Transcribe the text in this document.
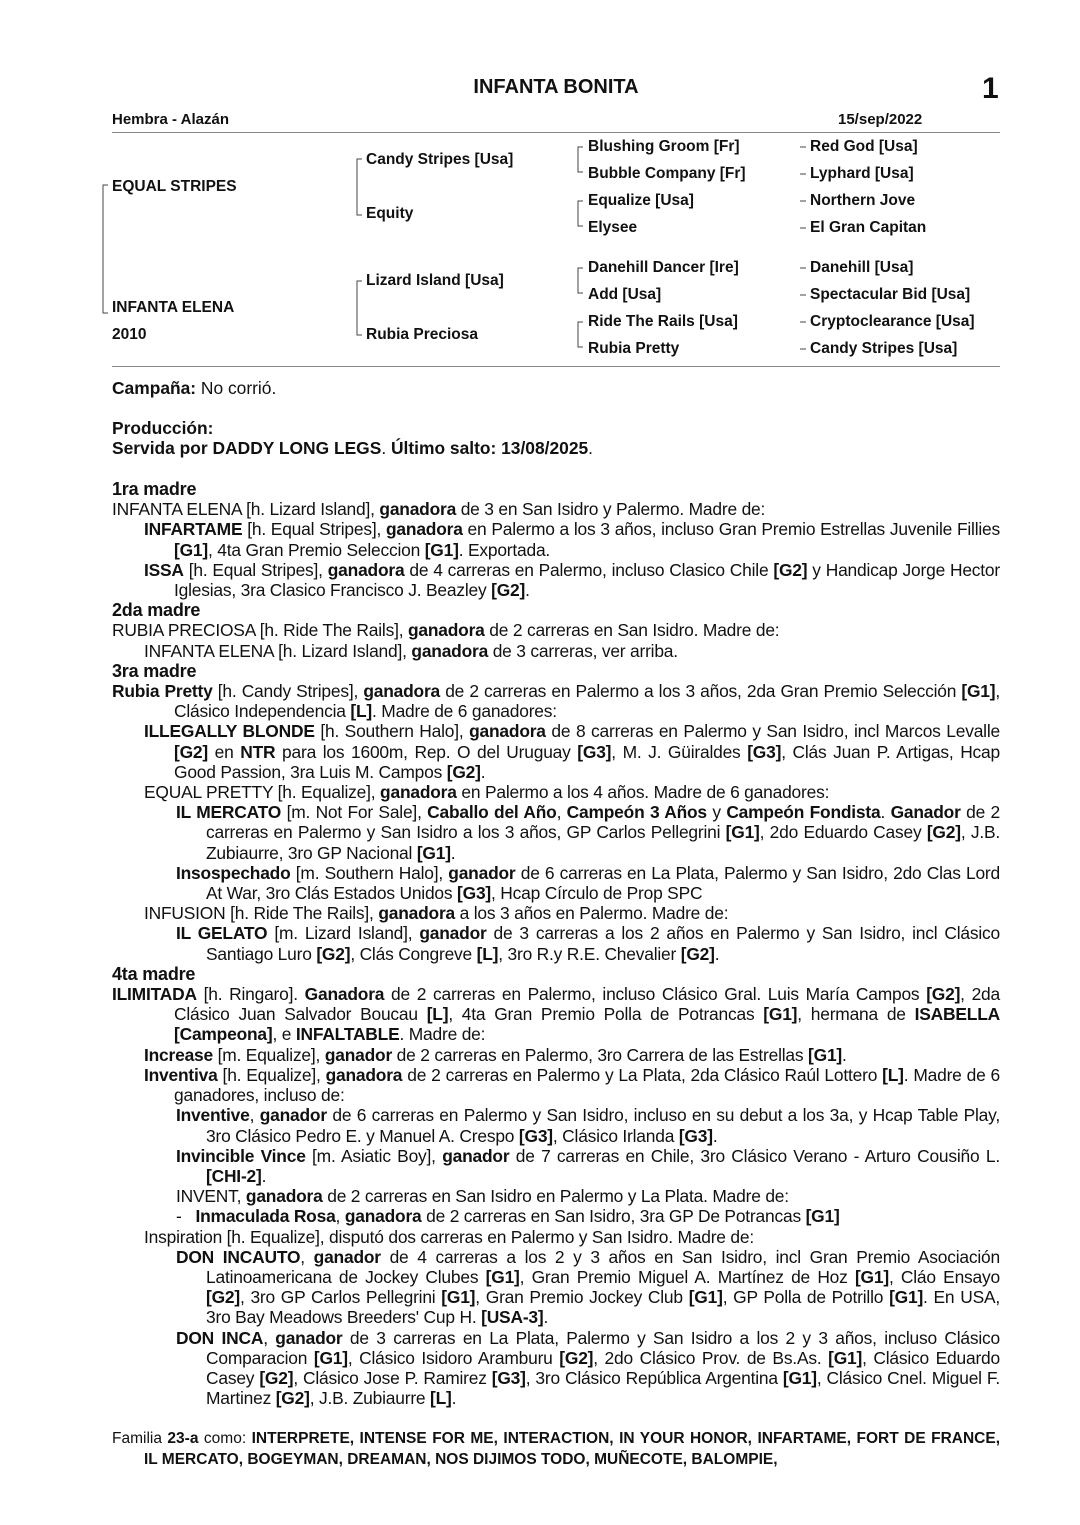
INFANTA BONITA	1
Hembra - Alazán	15/sep/2022
EQUAL STRIPES
INFANTA ELENA
2010
Candy Stripes [Usa]
Equity
Lizard Island [Usa]
Rubia Preciosa
Blushing Groom [Fr]
Bubble Company [Fr]
Equalize [Usa]
Elysee
Danehill Dancer [Ire]
Add [Usa]
Ride The Rails [Usa]
Rubia Pretty
Red God [Usa]
Lyphard [Usa]
Northern Jove
El Gran Capitan
Danehill [Usa]
Spectacular Bid [Usa]
Cryptoclearance [Usa]
Candy Stripes [Usa]

Campaña: No corrió.

Producción:

Servida por DADDY LONG LEGS. Último salto: 13/08/2025.

1ra madre

INFANTA ELENA [h. Lizard Island], ganadora de 3 en San Isidro y Palermo. Madre de:

INFARTAME [h. Equal Stripes], ganadora en Palermo a los 3 años, incluso Gran Premio Estrellas Juvenile Fillies [G1], 4ta Gran Premio Seleccion [G1]. Exportada.

ISSA [h. Equal Stripes], ganadora de 4 carreras en Palermo, incluso Clasico Chile [G2] y Handicap Jorge Hector Iglesias, 3ra Clasico Francisco J. Beazley [G2].

2da madre

RUBIA PRECIOSA [h. Ride The Rails], ganadora de 2 carreras en San Isidro. Madre de:

INFANTA ELENA [h. Lizard Island], ganadora de 3 carreras, ver arriba.

3ra madre

Rubia Pretty [h. Candy Stripes], ganadora de 2 carreras en Palermo a los 3 años, 2da Gran Premio Selección [G1], Clásico Independencia [L]. Madre de 6 ganadores:

ILLEGALLY BLONDE [h. Southern Halo], ganadora de 8 carreras en Palermo y San Isidro, incl Marcos Levalle [G2] en NTR para los 1600m, Rep. O del Uruguay [G3], M. J. Güiraldes [G3], Clás Juan P. Artigas, Hcap Good Passion, 3ra Luis M. Campos [G2].

EQUAL PRETTY [h. Equalize], ganadora en Palermo a los 4 años. Madre de 6 ganadores:

IL MERCATO [m. Not For Sale], Caballo del Año, Campeón 3 Años y Campeón Fondista. Ganador de 2 carreras en Palermo y San Isidro a los 3 años, GP Carlos Pellegrini [G1], 2do Eduardo Casey [G2], J.B. Zubiaurre, 3ro GP Nacional [G1].

Insospechado [m. Southern Halo], ganador de 6 carreras en La Plata, Palermo y San Isidro, 2do Clas Lord At War, 3ro Clás Estados Unidos [G3], Hcap Círculo de Prop SPC

INFUSION [h. Ride The Rails], ganadora a los 3 años en Palermo. Madre de:

IL GELATO [m. Lizard Island], ganador de 3 carreras a los 2 años en Palermo y San Isidro, incl Clásico Santiago Luro [G2], Clás Congreve [L], 3ro R.y R.E. Chevalier [G2].

4ta madre

ILIMITADA [h. Ringaro]. Ganadora de 2 carreras en Palermo, incluso Clásico Gral. Luis María Campos [G2], 2da Clásico Juan Salvador Boucau [L], 4ta Gran Premio Polla de Potrancas [G1], hermana de ISABELLA [Campeona], e INFALTABLE. Madre de:

Increase [m. Equalize], ganador de 2 carreras en Palermo, 3ro Carrera de las Estrellas [G1].

Inventiva [h. Equalize], ganadora de 2 carreras en Palermo y La Plata, 2da Clásico Raúl Lottero [L]. Madre de 6 ganadores, incluso de:

Inventive, ganador de 6 carreras en Palermo y San Isidro, incluso en su debut a los 3a, y Hcap Table Play, 3ro Clásico Pedro E. y Manuel A. Crespo [G3], Clásico Irlanda [G3].

Invincible Vince [m. Asiatic Boy], ganador de 7 carreras en Chile, 3ro Clásico Verano - Arturo Cousiño L. [CHI-2].

INVENT, ganadora de 2 carreras en San Isidro en Palermo y La Plata. Madre de:

-   Inmaculada Rosa, ganadora de 2 carreras en San Isidro, 3ra GP De Potrancas [G1]

Inspiration [h. Equalize], disputó dos carreras en Palermo y San Isidro. Madre de:

DON INCAUTO, ganador de 4 carreras a los 2 y 3 años en San Isidro, incl Gran Premio Asociación Latinoamericana de Jockey Clubes [G1], Gran Premio Miguel A. Martínez de Hoz [G1], Cláo Ensayo [G2], 3ro GP Carlos Pellegrini [G1], Gran Premio Jockey Club [G1], GP Polla de Potrillo [G1]. En USA, 3ro Bay Meadows Breeders' Cup H. [USA-3].

DON INCA, ganador de 3 carreras en La Plata, Palermo y San Isidro a los 2 y 3 años, incluso Clásico Comparacion [G1], Clásico Isidoro Aramburu [G2], 2do Clásico Prov. de Bs.As. [G1], Clásico Eduardo Casey [G2], Clásico Jose P. Ramirez [G3], 3ro Clásico República Argentina [G1], Clásico Cnel. Miguel F. Martinez [G2], J.B. Zubiaurre [L].

Familia 23-a como: INTERPRETE, INTENSE FOR ME, INTERACTION, IN YOUR HONOR, INFARTAME, FORT DE FRANCE, IL MERCATO, BOGEYMAN, DREAMAN, NOS DIJIMOS TODO, MUÑECOTE, BALOMPIE,
